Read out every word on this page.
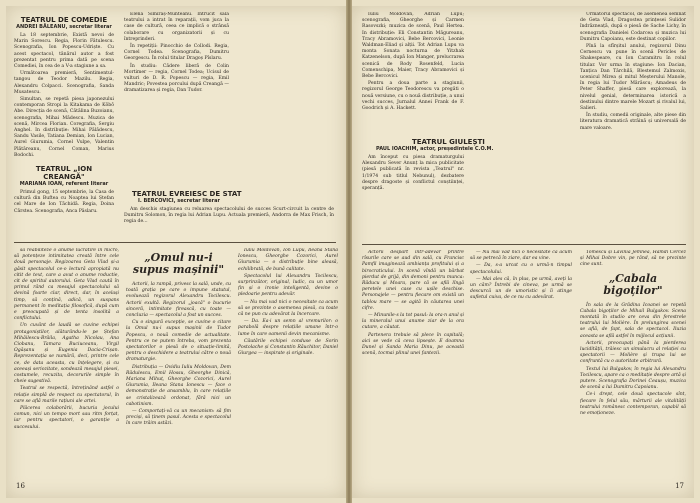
TEATRUL DE COMEDIE
ANDREI BĂLEANU, secretar literar

La 18 septembrie, Existã nevoi de Marin Sorescu. Regia, Florin Fătulescu. Scenografia, Ion Popescu-Udriște. Cu acest spectacol, tânărul autor a fost prezentat pentru prima dată pe scena Comediei, în cea de a V-a stagiune a sa.

Următoarea premieră, Sentimentul-tangou de Teodor Mazilu. Regia, Alexandru Colpacci. Scenografia, Sanda Musatescu.

Simultan, se repetă piesa japonezului contemporan Stropi la Kitakama de Kōbō Abe. Direcția de scenă, Cătălina Buzoianu, scenografia, Mihai Mădescu. Muzica de scenă, Mircea Florian. Coregrafia, Sergiu Anghel. In distribuție: Mihai Pălădescu, Sandu Vasile, Tatiana Demian, Ion Lucian, Aurel Giurumia, Cornel Vulpe, Valentin Plătăreanu, Cornel Coman, Marius Bodochi.

TEATRUL „ION CREANGĂ"
MARIANA IOAN, referent literar

Primul gong, 15 septembrie, la Casa de cultură din Buftea cu Noaptea lui Ștefan cel Mare de Ion Tăchidă. Regia, Doina Cârstea. Scenografia, Anca Pâslaru.

Elena Simiraș-Munteanu. Intrucît sala teatrului a intrat în reparații, vom juca la case de cultură, ceea ce implică o strânsă colaborare cu organizatorii și cu întreprinderi.

În repetiții: Pinocchio de Collodi. Regia, Cornel Todea. Scenografia, Dumitru Georgescu. În rolul titular Dragoș Pîslaru.

În studiu: Cădere liberă de Colin Mortimer — regia, Cornel Todea; Ucisul de vulturi de D. R. Popescu — regia, Emil Mandric; Povestea porcului după Creangă — dramatizarea și regia, Dan Tudor.

TEATRUL EVREIESC DE STAT
I. BERCOVICI, secretar literar

Am deschis stagiunea cu reluarea spectacolului de succes Scurt-circuit la centre de Dumitru Solomon, în regia lui Adrian Lupu. Actuala premieră, Andorra de Max Frisch, în regia de...

să reabiliteze o anume lucrătire în micro, să potențeze intimitatea creată între cele două personaje. Regizoarea Geta Vlad și-a găsit spectacolul ce-o lectură apropiată nu citit de text, care a avut o anume roductie, cit de spiritul autorului. Geta Vlad caută în primul rând ca mesajul spectacolului să devină foarte clar, direct, dar, în același timp, să conțină, adică, un suspans permanent în meditația filosofică, după cum e preocupată și de tenta insolită a conflictului.

Un cuvânt de laudă se cuvine echipei protagoniștilor, alăturându-le pe Ștefan Mihăilescu-Brăila, Agatha Nicolau, Ana Ciobanu, Tamara Buciuceanu, Virgil Ogășanu și Eugenia Dacia-Crișan. Reprezentația se numără, deci, printre cele ce, de data aceasta, cu înțelegere, și cu aceeași seriozitate, sondează mesajul piesei, costumele, recuzita, decorurile simple în cheie sugestivă.

Teatrul se respectă, întreținând astfel o relație simplă de respect cu spectatorul, în care se află marile rațiuni ale artei.

Plăcerea colaborării, bucuria jocului comun, nici un tempo mort sau ritm forțat, iar pentru spectatori, o garanție a succesului.

„Omul nu-i supus mașinii"

Actorii, la rampă, privesc la sală, unde, cu toată grația pe care o impune statutul, evoluează regizorul Alexandru Tocilescu. Actorii exultă. Regizorul „joacă" o bucurie sinceră, intimitate firească, cu toate — concluzia — spectacolul a fost un succes.

Cu o singură excepție, se cuvine o citare la Omul nu-i supus mașinii de Tudor Popescu, o nouă comedie de actualitate. Pentru ce ne putem întreba, vom prezenta spectatorilor o piesă de o situație-limită, pentru o deschidere a teatrului către o nouă dramaturgie.

Distribuția — Ovidiu Iuliu Moldovan, Dem Rădulescu, Emil Hossu, Gheorghe Dinică, Mariana Mihuț, Gheorghe Cozorici, Aurel Giurumia, Ileana Stana Ionescu — face o demonstrație de ansamblu, în care relațiile se cristalizează ordonat, fără nici un cabotinism.

— Comportați-vă ca un mecanism: să fim preciși, să ținem pasul. Acesta e spectacolul în care trăim astăzi.

Iuliu Moldovan, Ion Lupu, Ileana Stana Ionescu, Gheorghe Cozorici, Aurel Giurumia — o distribuție bine aleasă, echilibrată, de bună calitate.

Spectacolul lui Alexandru Tocilescu, surprinzător, original, ludic, cu un umor fin și o ironie inteligentă, devine o pledoarie pentru adevăr.

— Nu mai vad nici o necesitate ca acum să se prezinte o asemenea piesă, cu toate că ne pun cu adevărat la încercare.

— Da. Ea-i un semn al vremurilor: o parabolă despre relațiile umane într-o lume în care oamenii devin mecanisme.

Căutările echipei conduse de Sorin Postolache și Constantin Răuchitor, Daniel Giurgea — inspirate și originale.

16

Iuliu Moldovan, Adrian Lupu; scenografia, Gheorghe și Carmen Rasovszki; muzica de scenă, Paul Hertea. In distribuție: Eli Constantin Măgureanu, Tracy Abramovici, Bebe Bercovici, Leonie Waldman-Eliad și alții. Tot Adrian Lupu va monta Sonata nocturna de Yitzhak Katzenelson, după Ion Manger, prelucrarea scenică de Rody Rosenfeld, Lucia Comenschipa, Maier, Tracy Abramovici și Bebe Bercovici.

Pentru a doua parte a stagiunii, regizorul George Teodorescu va pregăti o nouă versiune, cu o nouă distribuție, a unui vechi succes, Jurnalul Annei Frank de F. Goodrich și A. Hackett.

TEATRUL GIULEȘTI
PAUL IOACHIM, actor, președintele C.O.M.

Am început cu piesa dramaturgului Alexandru Sever Anunț la mica publicitate (piesă publicată în revista „Teatrul" nr. 1/1974 sub titlul Nebunul), dezbatere despre dragoste și conflictul conștiinței, speranță.

Următorul spectacol, de asemenea semnat de Geta Vlad, Dragostea prințesei Sulidor îndrăzneață, după o piesă de Sache Lichy, în scenografia Danielei Codarcea și muzica lui Dumitru Capoianu, este destinat copiilor.

Pînă la sfîrșitul anului, regizorul Dinu Cernescu va pune în scenă Pericles de Shakespeare, cu Ion Caramitru în rolul titular. Vor urma în stagiune: Ion Dacian, Tanțica Dan Tărchilă, Blestemul Zalmoxis, ucenicul Mirea și mitul Meșterului Manole, în regia lui Tudor Mărăscu; Amadeus de Peter Shaffer, piesă care explorează, la nivelul genial, determinarea istorică a destinului dintre marele Mozart și rivalul lui, Salieri.

În studiu, comedii originale, alte piese din literatura dramatică străină și universală de mare valoare.

Actorii despart intr-adevăr printre rîsurile care se aud din sală, cu Francisc Pamfil imaginează ambianța profitului și a birocraticului. In scenă vîndă un bărbat pierdut de grijă, din demoni pentru munca: Răducu și Moara, pare că se află lîngă peretele unei case cu ușile deschise. Personajele — pentru fiecare om există un tablou mare — se agită în căutarea unei cifre.

— Minunile-s la tot pasul: la ora-n anul și la mineralul unui anume ziar de la ora cutare, a căutat.

Partenera trebuie să plece în capitală; aici se vede că ceva lipsește. E doamna Dunel și Sanda Maria Dinu, pe această scenă, tocmai plinul unei fantezii.

— Nu mai văd nici o necesitate ca acum să se petrecă în ziare, dar ea vine.

— Da, s-a urcat cu o urmă-n timpul spectacolului.

— Mai ales că, în plus, pe urmă, aveți la un căm? Întrebi de cineva, pe urmă se descurcă un de umoristic și îi atinge sufletul cuiva, de ce nu cu adevărat.

Tomescu și Lavinia Jemnea, Hamdi Cercez și Mihai Dobre vin, pe rând, să ne prezinte cine sunt.

„Cabala bigoților"

În sala de la Grădina Icoanei se repetă Cabala bigoților de Mihail Bulgakov. Scena montată în studio are ceva din ferestrele teatrului lui Molière. În prelungirea scenei se află, de fapt, sala de spectacol. Iluzia aceasta se află astfel în mijlocul acțiunii.

Actorii, preocupați până la pierderea lucidității, trăiesc un simulacru al relației cu spectatorii — Molière și trupa lui se confruntă cu o autoritate arbitrară.

Textul lui Bulgakov, în regia lui Alexandru Tocilescu, apare ca o meditație despre artă și putere. Scenografia Dorinei Ceaușu, muzica de scenă a lui Dumitru Capoianu.

Ce-i drept, cele două spectacole sînt, fiecare în felul său, mărturii ale vitalității teatrului românesc contemporan, capabil să ne emoționeze.

17
